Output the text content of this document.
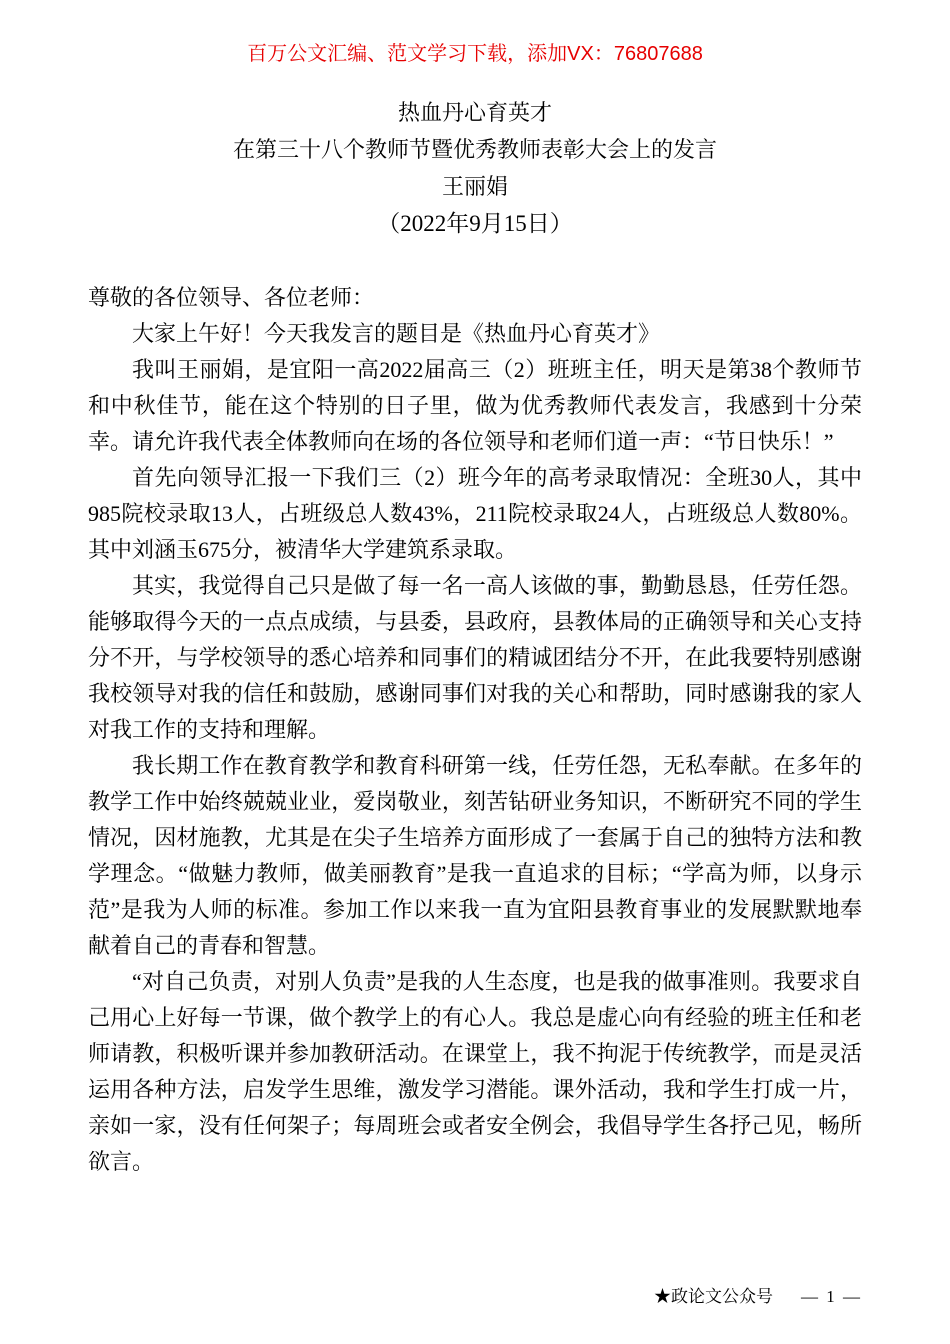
百万公文汇编、范文学习下载，添加VX：76807688
热血丹心育英才
在第三十八个教师节暨优秀教师表彰大会上的发言
王丽娟
（2022年9月15日）

尊敬的各位领导、各位老师：

大家上午好！今天我发言的题目是《热血丹心育英才》

我叫王丽娟，是宜阳一高2022届高三（2）班班主任，明天是第38个教师节和中秋佳节，能在这个特别的日子里，做为优秀教师代表发言，我感到十分荣幸。请允许我代表全体教师向在场的各位领导和老师们道一声：“节日快乐！”

首先向领导汇报一下我们三（2）班今年的高考录取情况：全班30人，其中985院校录取13人，占班级总人数43%，211院校录取24人，占班级总人数80%。其中刘涵玉675分，被清华大学建筑系录取。

其实，我觉得自己只是做了每一名一高人该做的事，勤勤恳恳，任劳任怨。能够取得今天的一点点成绩，与县委，县政府，县教体局的正确领导和关心支持分不开，与学校领导的悉心培养和同事们的精诚团结分不开，在此我要特别感谢我校领导对我的信任和鼓励，感谢同事们对我的关心和帮助，同时感谢我的家人对我工作的支持和理解。

我长期工作在教育教学和教育科研第一线，任劳任怨，无私奉献。在多年的教学工作中始终兢兢业业，爱岗敬业，刻苦钻研业务知识，不断研究不同的学生情况，因材施教，尤其是在尖子生培养方面形成了一套属于自己的独特方法和教学理念。“做魅力教师，做美丽教育”是我一直追求的目标；“学高为师，以身示范”是我为人师的标准。参加工作以来我一直为宜阳县教育事业的发展默默地奉献着自己的青春和智慧。

“对自己负责，对别人负责”是我的人生态度，也是我的做事准则。我要求自己用心上好每一节课，做个教学上的有心人。我总是虚心向有经验的班主任和老师请教，积极听课并参加教研活动。在课堂上，我不拘泥于传统教学，而是灵活运用各种方法，启发学生思维，激发学习潜能。课外活动，我和学生打成一片，亲如一家，没有任何架子；每周班会或者安全例会，我倡导学生各抒己见，畅所欲言。

★政论文公众号 — 1 —
